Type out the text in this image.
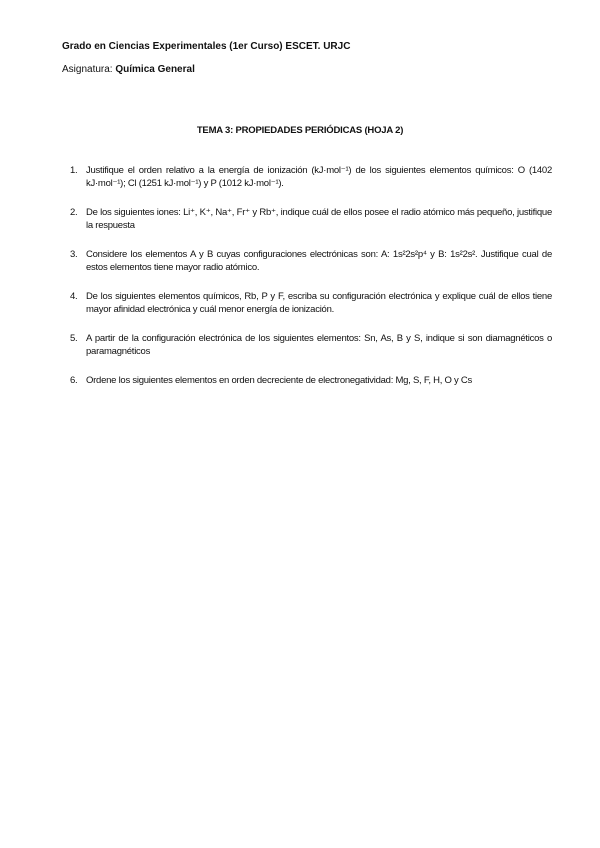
Grado en Ciencias Experimentales (1er Curso) ESCET. URJC
Asignatura: Química General
TEMA 3: PROPIEDADES PERIÓDICAS (HOJA 2)
1. Justifique el orden relativo a la energía de ionización (kJ·mol⁻¹) de los siguientes elementos químicos: O (1402 kJ·mol⁻¹); Cl (1251 kJ·mol⁻¹) y P (1012 kJ·mol⁻¹).
2. De los siguientes iones: Li⁺, K⁺, Na⁺, Fr⁺ y Rb⁺, indique cuál de ellos posee el radio atómico más pequeño, justifique la respuesta
3. Considere los elementos A y B cuyas configuraciones electrónicas son: A: 1s²2s²p⁴ y B: 1s²2s². Justifique cual de estos elementos tiene mayor radio atómico.
4. De los siguientes elementos químicos, Rb, P y F, escriba su configuración electrónica y explique cuál de ellos tiene mayor afinidad electrónica y cuál menor energía de ionización.
5. A partir de la configuración electrónica de los siguientes elementos: Sn, As, B y S, indique si son diamagnéticos o paramagnéticos
6. Ordene los siguientes elementos en orden decreciente de electronegatividad: Mg, S, F, H, O y Cs
